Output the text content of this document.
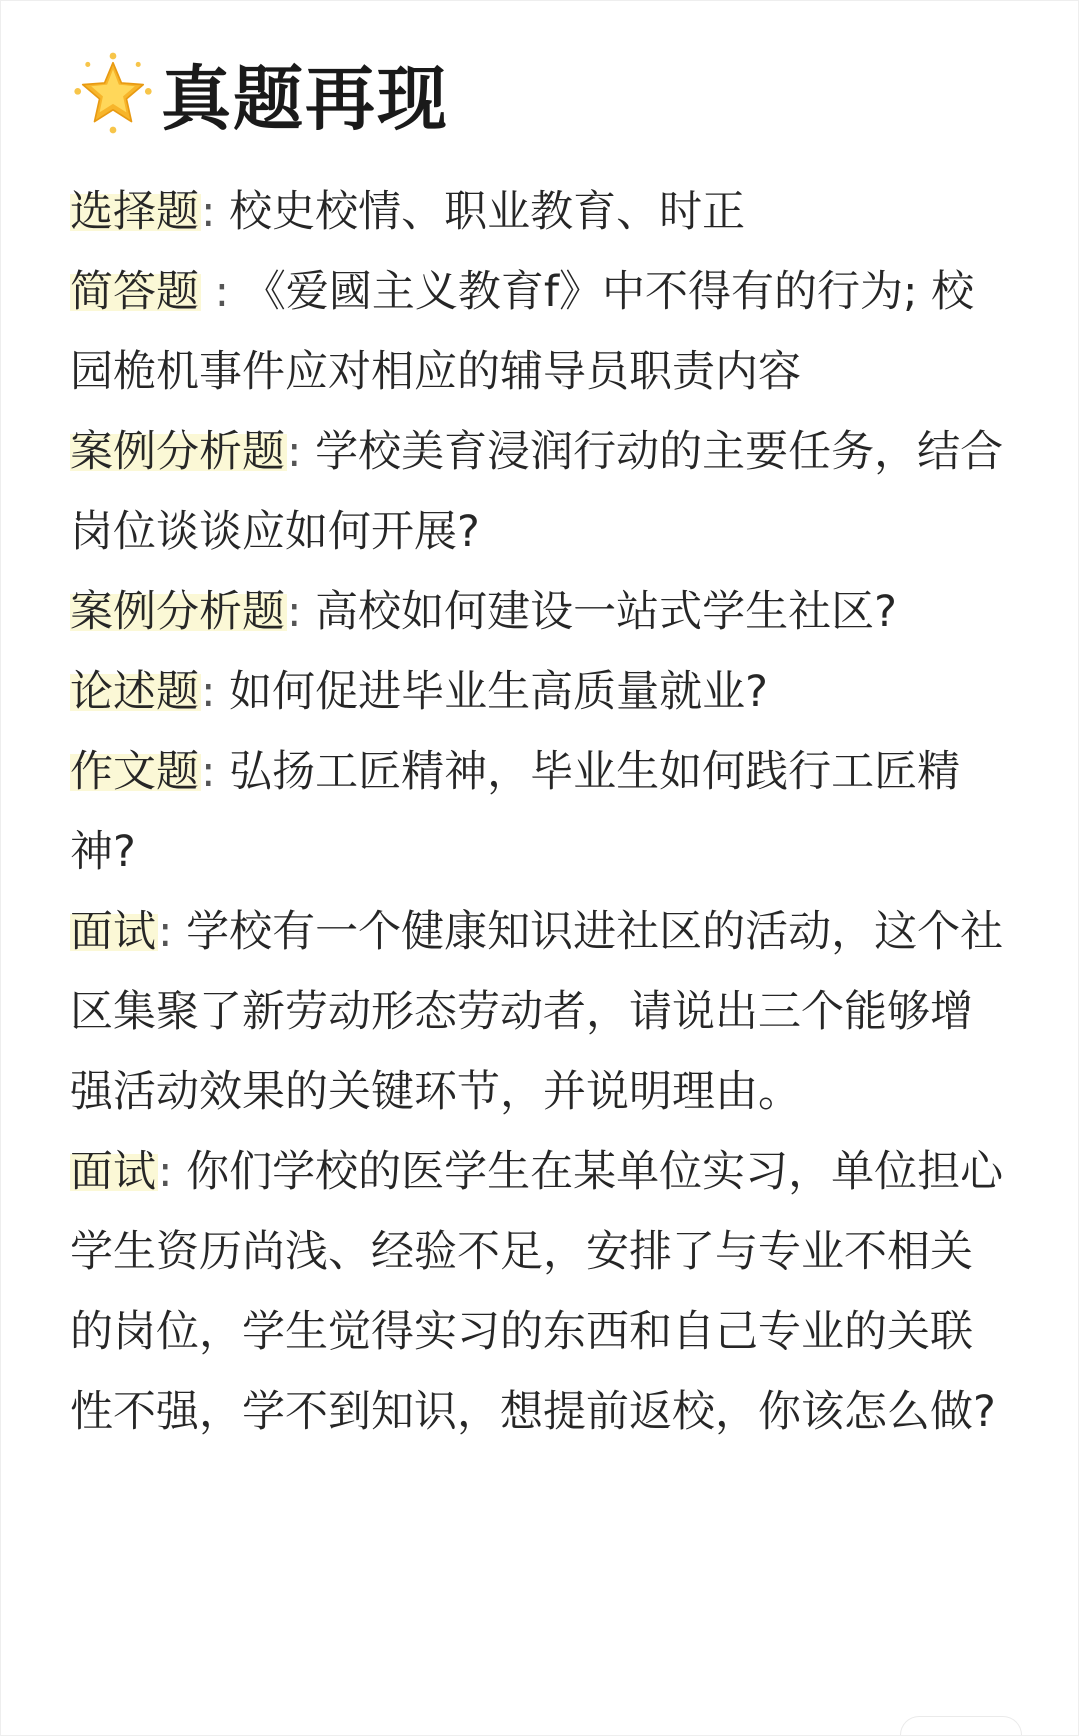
真题再现

选择题: 校史校情、职业教育、时正

简答题 : 《爱國主义教育f》中不得有的行为; 校园桅机事件应对相应的辅导员职责内容

案例分析题: 学校美育浸润行动的主要任务，结合岗位谈谈应如何开展?

案例分析题: 高校如何建设一站式学生社区?

论述题: 如何促进毕业生高质量就业?

作文题: 弘扬工匠精神，毕业生如何践行工匠精神?

面试: 学校有一个健康知识进社区的活动，这个社区集聚了新劳动形态劳动者，请说出三个能够增强活动效果的关键环节，并说明理由。

面试: 你们学校的医学生在某单位实习，单位担心学生资历尚浅、经验不足，安排了与专业不相关的岗位，学生觉得实习的东西和自己专业的关联性不强，学不到知识，想提前返校，你该怎么做?
